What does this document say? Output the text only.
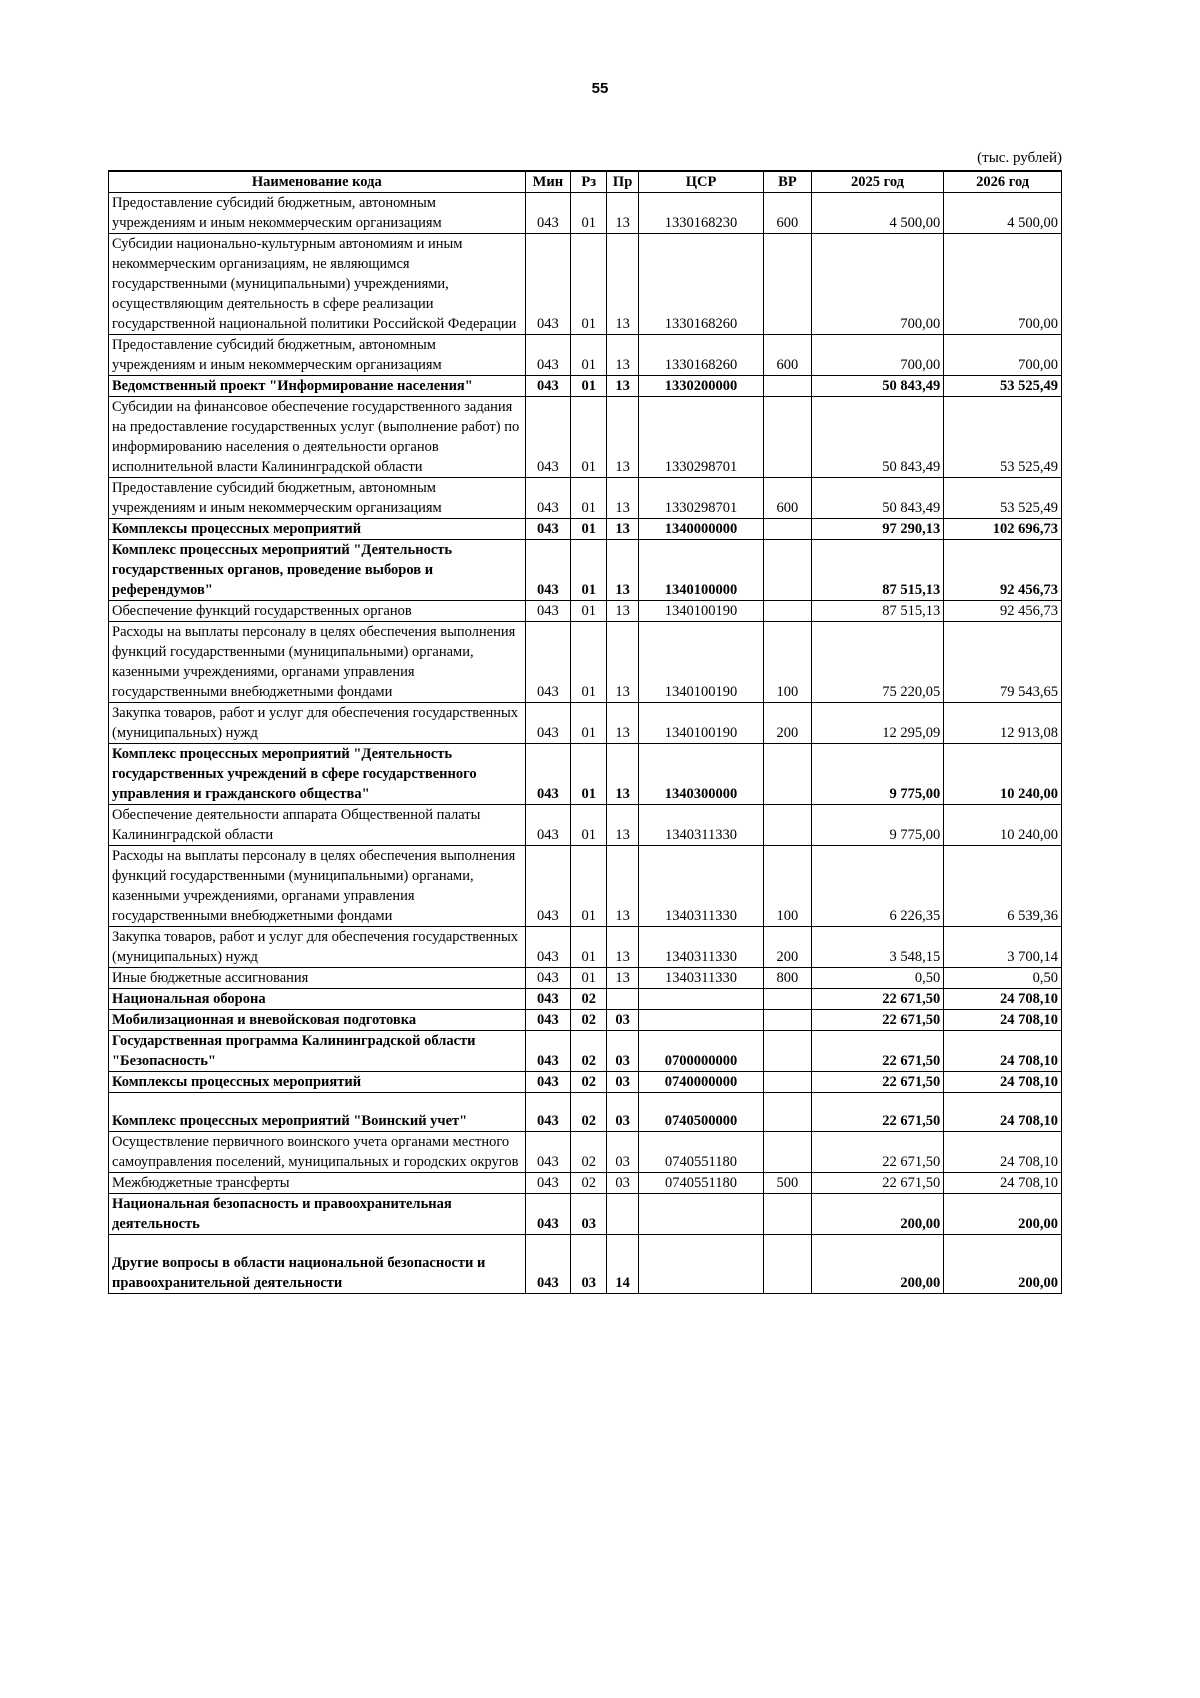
55
(тыс. рублей)
Наименование кода	Мин	Рз	Пр	ЦСР	ВР	2025 год	2026 год
Предоставление субсидий бюджетным, автономным учреждениям и иным некоммерческим организациям	043	01	13	1330168230	600	4 500,00	4 500,00
Субсидии национально-культурным автономиям и иным некоммерческим организациям, не являющимся государственными (муниципальными) учреждениями, осуществляющим деятельность в сфере реализации государственной национальной политики Российской Федерации	043	01	13	1330168260		700,00	700,00
Предоставление субсидий бюджетным, автономным учреждениям и иным некоммерческим организациям	043	01	13	1330168260	600	700,00	700,00
Ведомственный проект "Информирование населения"	043	01	13	1330200000		50 843,49	53 525,49
Субсидии на финансовое обеспечение государственного задания на предоставление государственных услуг (выполнение работ) по информированию населения о деятельности органов исполнительной власти Калининградской области	043	01	13	1330298701		50 843,49	53 525,49
Предоставление субсидий бюджетным, автономным учреждениям и иным некоммерческим организациям	043	01	13	1330298701	600	50 843,49	53 525,49
Комплексы процессных мероприятий	043	01	13	1340000000		97 290,13	102 696,73
Комплекс процессных мероприятий "Деятельность государственных органов, проведение выборов и референдумов"	043	01	13	1340100000		87 515,13	92 456,73
Обеспечение функций государственных органов	043	01	13	1340100190		87 515,13	92 456,73
Расходы на выплаты персоналу в целях обеспечения выполнения функций государственными (муниципальными) органами, казенными учреждениями, органами управления государственными внебюджетными фондами	043	01	13	1340100190	100	75 220,05	79 543,65
Закупка товаров, работ и услуг для обеспечения государственных (муниципальных) нужд	043	01	13	1340100190	200	12 295,09	12 913,08
Комплекс процессных мероприятий "Деятельность государственных учреждений в сфере государственного управления и гражданского общества"	043	01	13	1340300000		9 775,00	10 240,00
Обеспечение деятельности аппарата Общественной палаты Калининградской области	043	01	13	1340311330		9 775,00	10 240,00
Расходы на выплаты персоналу в целях обеспечения выполнения функций государственными (муниципальными) органами, казенными учреждениями, органами управления государственными внебюджетными фондами	043	01	13	1340311330	100	6 226,35	6 539,36
Закупка товаров, работ и услуг для обеспечения государственных (муниципальных) нужд	043	01	13	1340311330	200	3 548,15	3 700,14
Иные бюджетные ассигнования	043	01	13	1340311330	800	0,50	0,50
Национальная оборона	043	02				22 671,50	24 708,10
Мобилизационная и вневойсковая подготовка	043	02	03			22 671,50	24 708,10
Государственная программа Калининградской области "Безопасность"	043	02	03	0700000000		22 671,50	24 708,10
Комплексы процессных мероприятий	043	02	03	0740000000		22 671,50	24 708,10
Комплекс процессных мероприятий "Воинский учет"	043	02	03	0740500000		22 671,50	24 708,10
Осуществление первичного воинского учета органами местного самоуправления поселений, муниципальных и городских округов	043	02	03	0740551180		22 671,50	24 708,10
Межбюджетные трансферты	043	02	03	0740551180	500	22 671,50	24 708,10
Национальная безопасность и правоохранительная деятельность	043	03				200,00	200,00
Другие вопросы в области национальной безопасности и правоохранительной деятельности	043	03	14			200,00	200,00
